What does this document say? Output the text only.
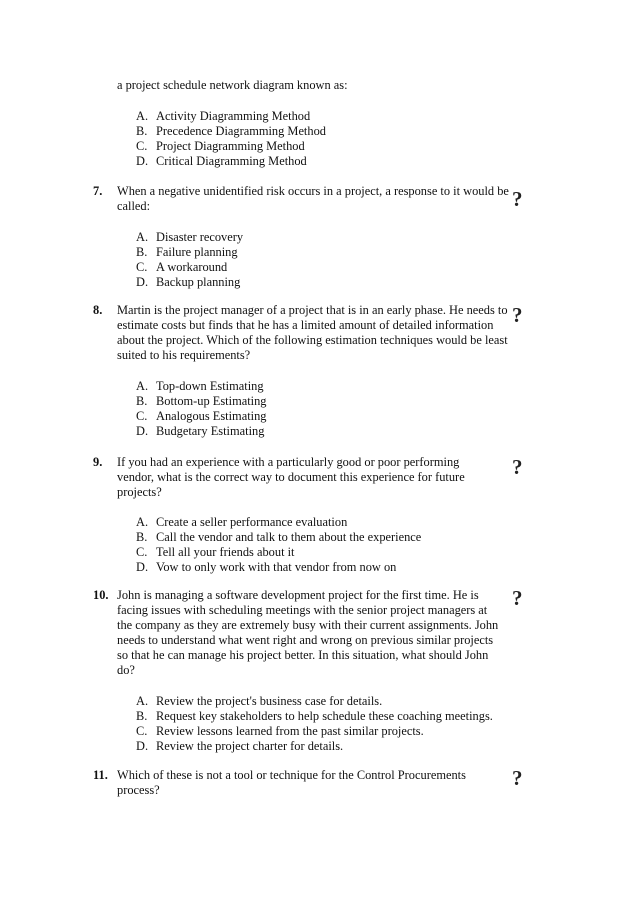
a project schedule network diagram known as:
A. Activity Diagramming Method
B. Precedence Diagramming Method
C. Project Diagramming Method
D. Critical Diagramming Method
7. When a negative unidentified risk occurs in a project, a response to it would be called:	?
A. Disaster recovery
B. Failure planning
C. A workaround
D. Backup planning
8. Martin is the project manager of a project that is in an early phase. He needs to estimate costs but finds that he has a limited amount of detailed information about the project. Which of the following estimation techniques would be least suited to his requirements?
?
A. Top-down Estimating
B. Bottom-up Estimating
C. Analogous Estimating
D. Budgetary Estimating
9. If you had an experience with a particularly good or poor performing vendor, what is the correct way to document this experience for future projects?
?
A. Create a seller performance evaluation
B. Call the vendor and talk to them about the experience
C. Tell all your friends about it
D. Vow to only work with that vendor from now on
10. John is managing a software development project for the first time. He is facing issues with scheduling meetings with the senior project managers at the company as they are extremely busy with their current assignments. John needs to understand what went right and wrong on previous similar projects so that he can manage his project better. In this situation, what should John do?
?
A. Review the project's business case for details.
B. Request key stakeholders to help schedule these coaching meetings.
C. Review lessons learned from the past similar projects.
D. Review the project charter for details.
11. Which of these is not a tool or technique for the Control Procurements process?	?
